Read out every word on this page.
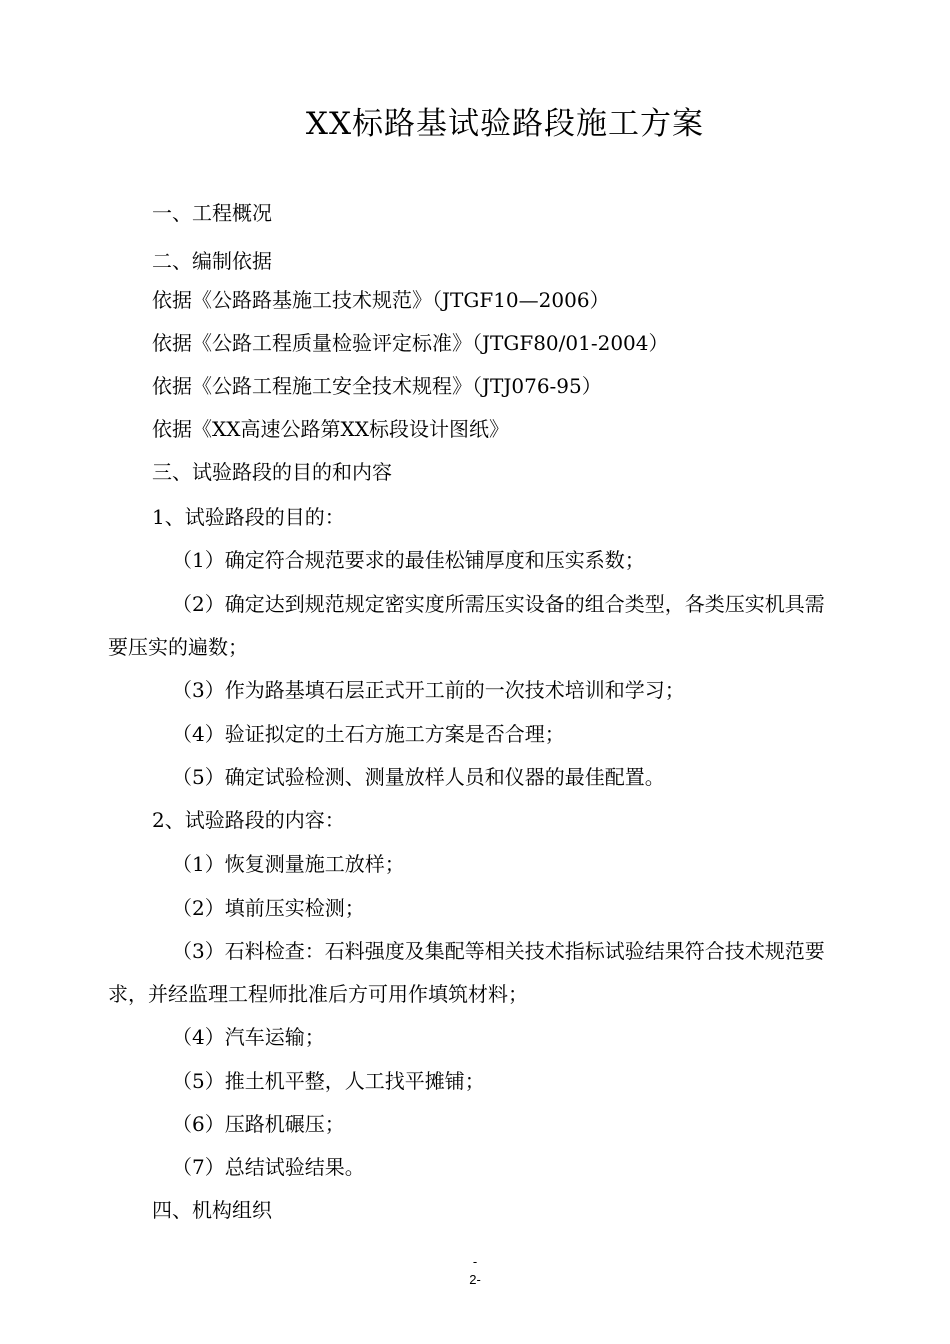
XX标路基试验路段施工方案
一、工程概况
二、编制依据
依据《公路路基施工技术规范》（JTGF10—2006）
依据《公路工程质量检验评定标准》（JTGF80/01-2004）
依据《公路工程施工安全技术规程》（JTJ076-95）
依据《XX高速公路第XX标段设计图纸》
三、试验路段的目的和内容
1、试验路段的目的：
（1）确定符合规范要求的最佳松铺厚度和压实系数；
（2）确定达到规范规定密实度所需压实设备的组合类型，各类压实机具需
要压实的遍数；
（3）作为路基填石层正式开工前的一次技术培训和学习；
（4）验证拟定的土石方施工方案是否合理；
（5）确定试验检测、测量放样人员和仪器的最佳配置。
2、试验路段的内容：
（1）恢复测量施工放样；
（2）填前压实检测；
（3）石料检查：石料强度及集配等相关技术指标试验结果符合技术规范要
求，并经监理工程师批准后方可用作填筑材料；
（4）汽车运输；
（5）推土机平整，人工找平摊铺；
（6）压路机碾压；
（7）总结试验结果。
四、机构组织
-
2-
